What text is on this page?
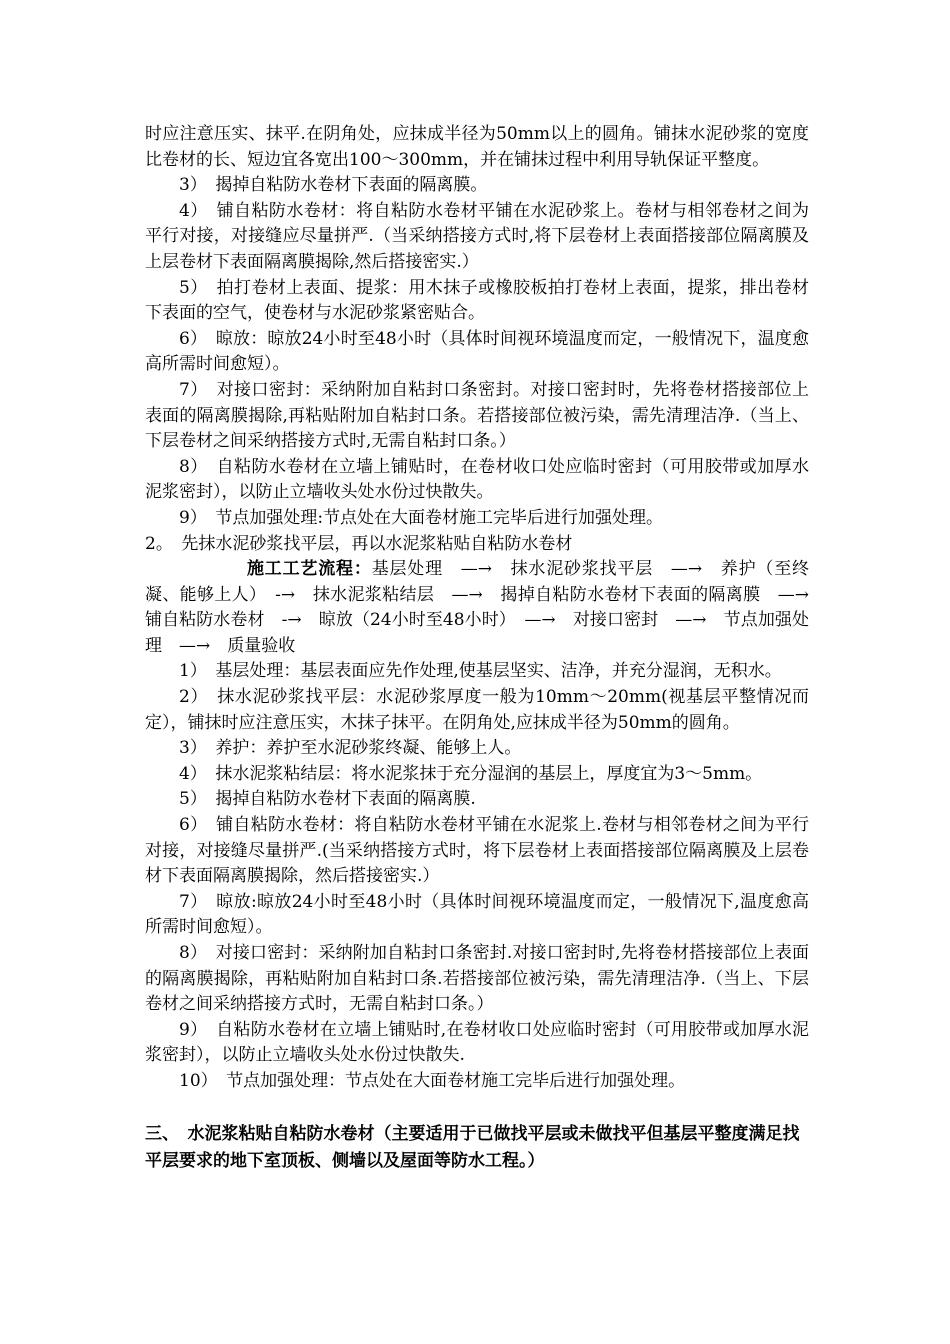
时应注意压实、抹平.在阴角处，应抹成半径为50mm以上的圆角。铺抹水泥砂浆的宽度比卷材的长、短边宜各宽出100～300mm，并在铺抹过程中利用导轨保证平整度。

3）　揭掉自粘防水卷材下表面的隔离膜。

4）　铺自粘防水卷材：将自粘防水卷材平铺在水泥砂浆上。卷材与相邻卷材之间为平行对接，对接缝应尽量拼严.（当采纳搭接方式时,将下层卷材上表面搭接部位隔离膜及上层卷材下表面隔离膜揭除,然后搭接密实.）

5）　拍打卷材上表面、提浆：用木抹子或橡胶板拍打卷材上表面，提浆，排出卷材下表面的空气，使卷材与水泥砂浆紧密贴合。

6）　晾放：晾放24小时至48小时（具体时间视环境温度而定，一般情况下，温度愈高所需时间愈短）。

7）　对接口密封：采纳附加自粘封口条密封。对接口密封时，先将卷材搭接部位上表面的隔离膜揭除,再粘贴附加自粘封口条。若搭接部位被污染，需先清理洁净.（当上、下层卷材之间采纳搭接方式时,无需自粘封口条。）

8）　自粘防水卷材在立墙上铺贴时，在卷材收口处应临时密封（可用胶带或加厚水泥浆密封），以防止立墙收头处水份过快散失。

9）　节点加强处理:节点处在大面卷材施工完毕后进行加强处理。

2。　先抹水泥砂浆找平层，再以水泥浆粘贴自粘防水卷材

施工工艺流程：基层处理　—→　抹水泥砂浆找平层　—→　养护（至终凝、能够上人）　-→　抹水泥浆粘结层　—→　揭掉自粘防水卷材下表面的隔离膜　—→　铺自粘防水卷材　-→　晾放（24小时至48小时）　—→　对接口密封　—→　节点加强处理　—→　质量验收

1）　基层处理：基层表面应先作处理,使基层坚实、洁净，并充分湿润，无积水。

2）　抹水泥砂浆找平层：水泥砂浆厚度一般为10mm～20mm(视基层平整情况而定），铺抹时应注意压实，木抹子抹平。在阴角处,应抹成半径为50mm的圆角。

3）　养护：养护至水泥砂浆终凝、能够上人。

4）　抹水泥浆粘结层：将水泥浆抹于充分湿润的基层上，厚度宜为3～5mm。

5）　揭掉自粘防水卷材下表面的隔离膜.

6）　铺自粘防水卷材：将自粘防水卷材平铺在水泥浆上.卷材与相邻卷材之间为平行对接，对接缝尽量拼严.(当采纳搭接方式时，将下层卷材上表面搭接部位隔离膜及上层卷材下表面隔离膜揭除，然后搭接密实.）

7）　晾放:晾放24小时至48小时（具体时间视环境温度而定，一般情况下,温度愈高所需时间愈短）。

8）　对接口密封：采纳附加自粘封口条密封.对接口密封时,先将卷材搭接部位上表面的隔离膜揭除，再粘贴附加自粘封口条.若搭接部位被污染，需先清理洁净.（当上、下层卷材之间采纳搭接方式时，无需自粘封口条。）

9）　自粘防水卷材在立墙上铺贴时,在卷材收口处应临时密封（可用胶带或加厚水泥浆密封），以防止立墙收头处水份过快散失.

10）　节点加强处理：节点处在大面卷材施工完毕后进行加强处理。

三、　水泥浆粘贴自粘防水卷材（主要适用于已做找平层或未做找平但基层平整度满足找平层要求的地下室顶板、侧墙以及屋面等防水工程。）
